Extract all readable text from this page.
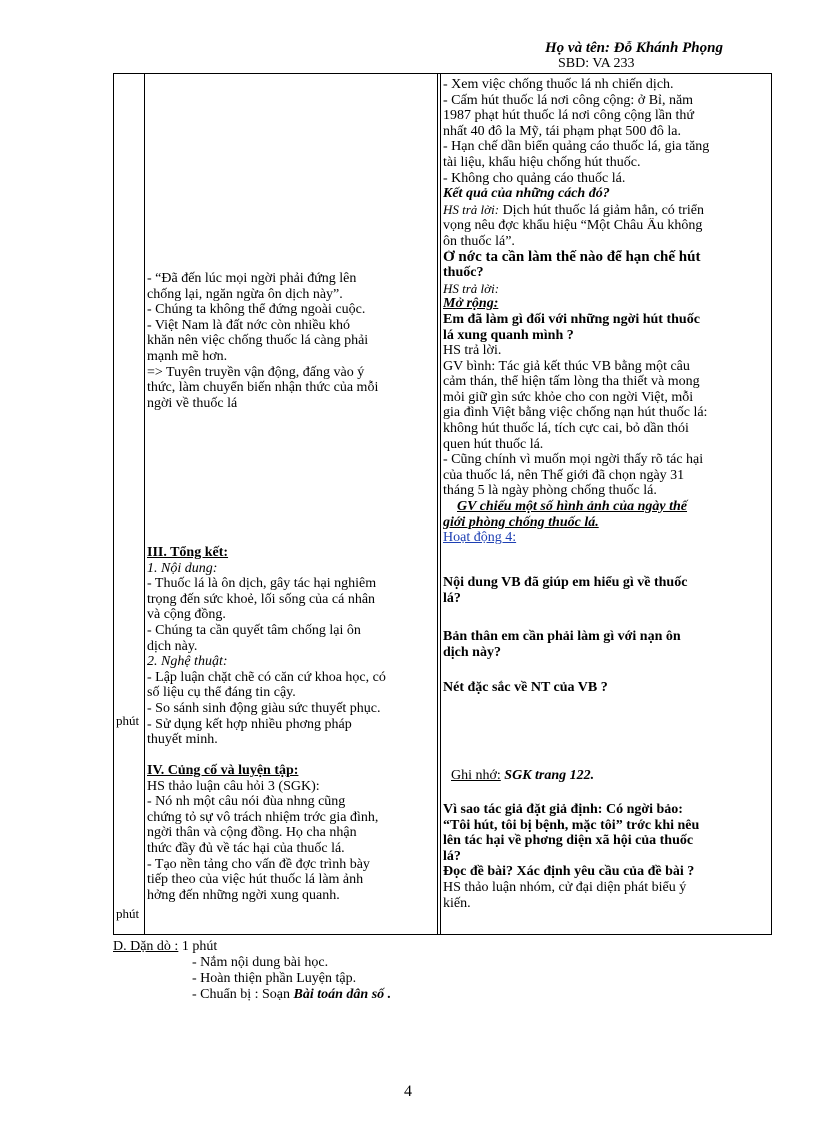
Họ và tên: Đỗ Khánh Phọng
SBD: VA 233
phút
phút
- “Đã đến lúc mọi ngời phải đứng lên
chống lại, ngăn ngừa ôn dịch này”.
- Chúng ta không thể đứng ngoài cuộc.
- Việt Nam là đất nớc còn nhiều khó
khăn nên việc chống thuốc lá càng phải
mạnh mẽ hơn.
=> Tuyên truyền vận động, đấng vào ý
thức, làm chuyển biến nhận thức của mỗi
ngời về thuốc lá
III. Tổng kết:
1. Nội dung:
- Thuốc lá là ôn dịch, gây tác hại nghiêm
trọng đến sức khoẻ, lối sống của cá nhân
và cộng đồng.
- Chúng ta cần quyết tâm chống lại ôn
dịch này.
2. Nghệ thuật:
- Lập luận chặt chẽ có căn cứ khoa học, có
số liệu cụ thể đáng tin cậy.
- So sánh sinh động giàu sức thuyết phục.
- Sử dụng kết hợp nhiều phơng pháp
thuyết minh.
IV. Củng cố và luyện tập:
HS thảo luận câu hỏi 3 (SGK):
- Nó nh một câu nói đùa nhng cũng
chứng tỏ sự vô trách nhiệm trớc gia đình,
ngời thân và cộng đồng. Họ cha nhận
thức đầy đủ về tác hại của thuốc lá.
- Tạo nền tảng cho vấn đề đợc trình bày
tiếp theo của việc hút thuốc lá làm ảnh
hởng đến những ngời xung quanh.
- Xem việc chống thuốc lá nh chiến dịch.
- Cấm hút thuốc lá nơi công cộng: ở Bỉ, năm
1987 phạt hút thuốc lá nơi công cộng lần thứ
nhất 40 đô la Mỹ, tái phạm phạt 500 đô la.
- Hạn chế dần biển quảng cáo thuốc lá, gia tăng
tài liệu, khẩu hiệu chống hút thuốc.
- Không cho quảng cáo thuốc lá.
Kết quả của những cách đó?
HS trả lời: Dịch hút thuốc lá giảm hẳn, có triển
vọng nêu đợc khẩu hiệu “Một Châu Âu không
ôn thuốc lá”.
Ở nớc ta cần làm thế nào để hạn chế hút
thuốc?
HS trả lời:
Mở rộng:
Em đã làm gì đối với những ngời hút thuốc
lá xung quanh mình ?
HS trả lời.
GV bình: Tác giả kết thúc VB bằng một câu
cảm thán, thể hiện tấm lòng tha thiết và mong
mỏi giữ gìn sức khỏe cho con ngời Việt, mỗi
gia đình Việt bằng việc chống nạn hút thuốc lá:
không hút thuốc lá, tích cực cai, bỏ dần thói
quen hút thuốc lá.
- Cũng chính vì muốn mọi ngời thấy rõ tác hại
của thuốc lá, nên Thế giới đã chọn ngày 31
tháng 5 là ngày phòng chống thuốc lá.
GV chiếu một số hình ảnh của ngày thế
giới phòng chống thuốc lá.
Hoạt động 4:
Nội dung VB đã giúp em hiểu gì về thuốc
lá?
Bản thân em cần phải làm gì với nạn ôn
dịch này?
Nét đặc sắc về NT của VB ?
Ghi nhớ: SGK trang 122.
Vì sao tác giả đặt giả định: Có ngời bảo:
“Tôi hút, tôi bị bệnh, mặc tôi” trớc khi nêu
lên tác hại về phơng diện xã hội của thuốc
lá?
Đọc đề bài? Xác định yêu cầu của đề bài ?
HS thảo luận nhóm, cử đại diện phát biểu ý
kiến.
D. Dặn dò : 1 phút
- Nắm nội dung bài học.
- Hoàn thiện phần Luyện tập.
- Chuẩn bị : Soạn Bài toán dân số .
4
